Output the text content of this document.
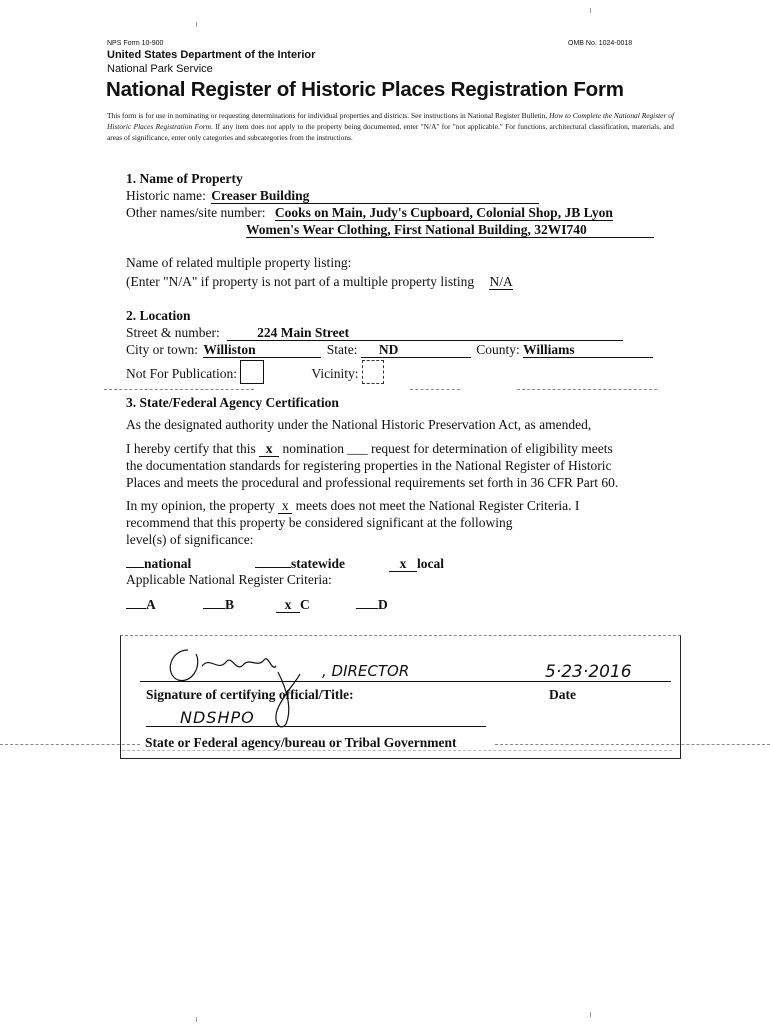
NPS Form 10-900	OMB No. 1024-0018
United States Department of the Interior
National Park Service
National Register of Historic Places Registration Form
This form is for use in nominating or requesting determinations for individual properties and districts. See instructions in National Register Bulletin, How to Complete the National Register of Historic Places Registration Form. If any item does not apply to the property being documented, enter "N/A" for "not applicable." For functions, architectural classification, materials, and areas of significance, enter only categories and subcategories from the instructions.
1. Name of Property
Historic name: Creaser Building
Other names/site number: Cooks on Main, Judy's Cupboard, Colonial Shop, JB Lyon
Women's Wear Clothing, First National Building, 32WI740
Name of related multiple property listing:
(Enter "N/A" if property is not part of a multiple property listing N/A
2. Location
Street & number:	224 Main Street
City or town: Williston	State: ND	County: Williams
Not For Publication:	Vicinity:
3. State/Federal Agency Certification
As the designated authority under the National Historic Preservation Act, as amended,
I hereby certify that this x nomination ___ request for determination of eligibility meets
the documentation standards for registering properties in the National Register of Historic
Places and meets the procedural and professional requirements set forth in 36 CFR Part 60.
In my opinion, the property x meets does not meet the National Register Criteria. I
recommend that this property be considered significant at the following
level(s) of significance:
national	statewide	x local
Applicable National Register Criteria:
A	B	x C	D
, DIRECTOR	5·23·2016
Signature of certifying official/Title:	Date
NDSHPO
State or Federal agency/bureau or Tribal Government
